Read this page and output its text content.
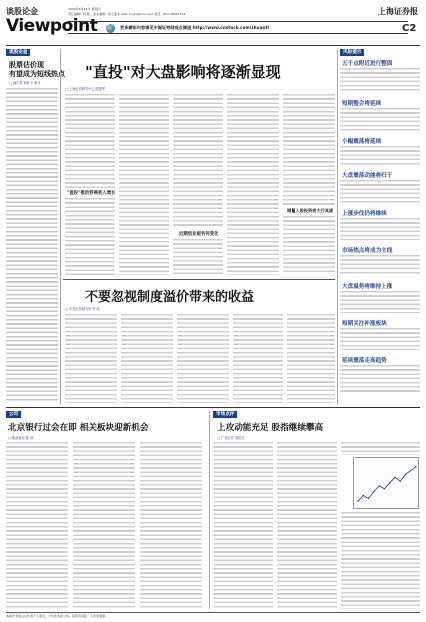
谈股论金
Viewpoint
2009年8月23日 星期四
责任编辑：杨清仁 美术编辑：常立湛 E-mail: tcyzs@tom.com 电话：021-38967724	上海证券报
更多精彩内容请见中国证券网观点频道 http://www.cnstock.com/zhuanti	C2
谈股论金
股票估价现
有望成为短线热点
□ 福尔贺 黄叶平 明月
"直投"对大盘影响将逐渐显现
□ 上海证券研究中心 陈建军
"直投"推动券商收入增长
近期创业板有何变化
增量入股投资者大行其道
不要忽视制度溢价带来的收益
□ 东吴证券研究所 任 浩
风险提示
五千点附近进行整固
短期整合将延续
小幅震荡将延续
大盘震荡动能将归于
上涨步伐仍将继续
市场热点将成为主线
大盘温势将维持上涨
短期关注补涨板块
延续震荡走高趋势
公司
北京银行过会在即 相关板块迎新机会
□ 新浪财经 陈 林
市场点评
上攻动能充足 股指继续攀高
□ 广发证券 刘世武
本版作者观点仅代表个人观点，不代表本报立场。投资有风险，入市需谨慎。
